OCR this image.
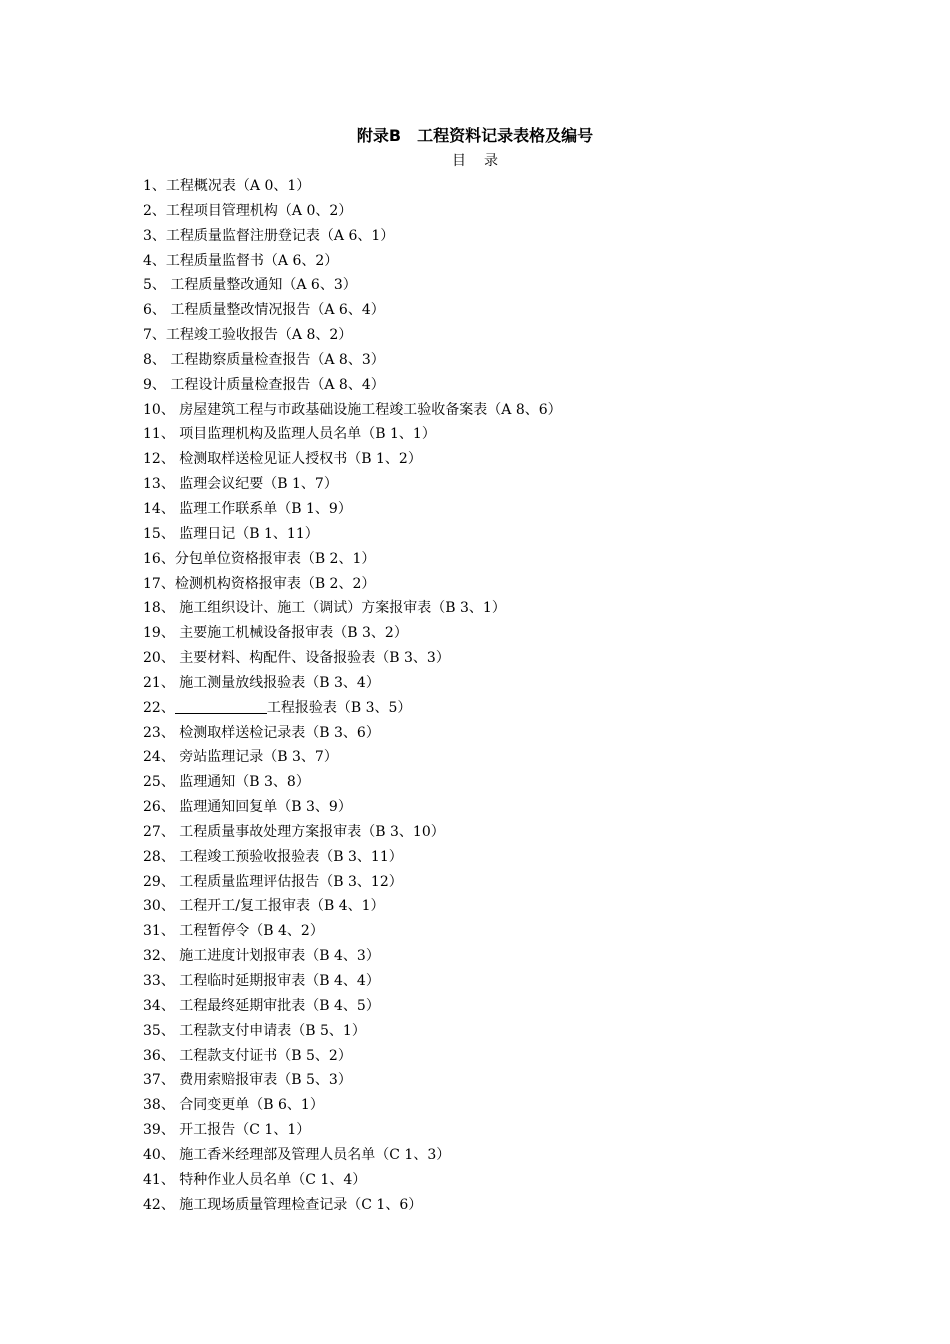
附录B 工程资料记录表格及编号
目录
1、工程概况表（A 0、1）
2、工程项目管理机构（A 0、2）
3、工程质量监督注册登记表（A 6、1）
4、工程质量监督书（A 6、2）
5、 工程质量整改通知（A 6、3）
6、 工程质量整改情况报告（A 6、4）
7、工程竣工验收报告（A 8、2）
8、 工程勘察质量检查报告（A 8、3）
9、 工程设计质量检查报告（A 8、4）
10、 房屋建筑工程与市政基础设施工程竣工验收备案表（A 8、6）
11、 项目监理机构及监理人员名单（B 1、1）
12、 检测取样送检见证人授权书（B 1、2）
13、 监理会议纪要（B 1、7）
14、 监理工作联系单（B 1、9）
15、 监理日记（B 1、11）
16、分包单位资格报审表（B 2、1）
17、检测机构资格报审表（B 2、2）
18、 施工组织设计、施工（调试）方案报审表（B 3、1）
19、 主要施工机械设备报审表（B 3、2）
20、 主要材料、构配件、设备报验表（B 3、3）
21、 施工测量放线报验表（B 3、4）
22、	工程报验表（B 3、5）
23、 检测取样送检记录表（B 3、6）
24、 旁站监理记录（B 3、7）
25、 监理通知（B 3、8）
26、 监理通知回复单（B 3、9）
27、 工程质量事故处理方案报审表（B 3、10）
28、 工程竣工预验收报验表（B 3、11）
29、 工程质量监理评估报告（B 3、12）
30、 工程开工/复工报审表（B 4、1）
31、 工程暂停令（B 4、2）
32、 施工进度计划报审表（B 4、3）
33、 工程临时延期报审表（B 4、4）
34、 工程最终延期审批表（B 4、5）
35、 工程款支付申请表（B 5、1）
36、 工程款支付证书（B 5、2）
37、 费用索赔报审表（B 5、3）
38、 合同变更单（B 6、1）
39、 开工报告（C 1、1）
40、 施工香米经理部及管理人员名单（C 1、3）
41、 特种作业人员名单（C 1、4）
42、 施工现场质量管理检查记录（C 1、6）
